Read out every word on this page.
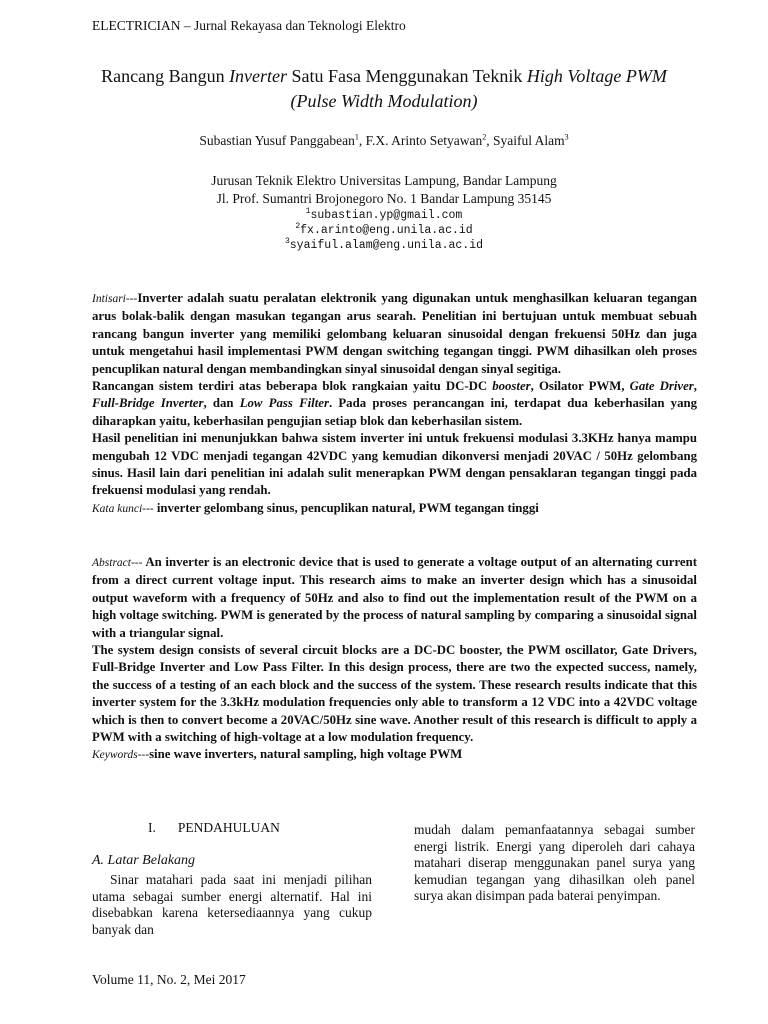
ELECTRICIAN – Jurnal Rekayasa dan Teknologi Elektro
Rancang Bangun Inverter Satu Fasa Menggunakan Teknik High Voltage PWM (Pulse Width Modulation)
Subastian Yusuf Panggabean$^1$, F.X. Arinto Setyawan$^2$, Syaiful Alam$^3$
Jurusan Teknik Elektro Universitas Lampung, Bandar Lampung
Jl. Prof. Sumantri Brojonegoro No. 1 Bandar Lampung 35145
$^1$subastian.yp@gmail.com
$^2$fx.arinto@eng.unila.ac.id
$^3$syaiful.alam@eng.unila.ac.id

Intisari---Inverter adalah suatu peralatan elektronik yang digunakan untuk menghasilkan keluaran tegangan arus bolak-balik dengan masukan tegangan arus searah. Penelitian ini bertujuan untuk membuat sebuah rancang bangun inverter yang memiliki gelombang keluaran sinusoidal dengan frekuensi 50Hz dan juga untuk mengetahui hasil implementasi PWM dengan switching tegangan tinggi. PWM dihasilkan oleh proses pencuplikan natural dengan membandingkan sinyal sinusoidal dengan sinyal segitiga.

Rancangan sistem terdiri atas beberapa blok rangkaian yaitu DC-DC booster, Osilator PWM, Gate Driver, Full-Bridge Inverter, dan Low Pass Filter. Pada proses perancangan ini, terdapat dua keberhasilan yang diharapkan yaitu, keberhasilan pengujian setiap blok dan keberhasilan sistem.

Hasil penelitian ini menunjukkan bahwa sistem inverter ini untuk frekuensi modulasi 3.3KHz hanya mampu mengubah 12 VDC menjadi tegangan 42VDC yang kemudian dikonversi menjadi 20VAC / 50Hz gelombang sinus. Hasil lain dari penelitian ini adalah sulit menerapkan PWM dengan pensaklaran tegangan tinggi pada frekuensi modulasi yang rendah.

Kata kunci--- inverter gelombang sinus, pencuplikan natural, PWM tegangan tinggi

Abstract--- An inverter is an electronic device that is used to generate a voltage output of an alternating current from a direct current voltage input. This research aims to make an inverter design which has a sinusoidal output waveform with a frequency of 50Hz and also to find out the implementation result of the PWM on a high voltage switching. PWM is generated by the process of natural sampling by comparing a sinusoidal signal with a triangular signal.

The system design consists of several circuit blocks are a DC-DC booster, the PWM oscillator, Gate Drivers, Full-Bridge Inverter and Low Pass Filter. In this design process, there are two the expected success, namely, the success of a testing of an each block and the success of the system. These research results indicate that this inverter system for the 3.3kHz modulation frequencies only able to transform a 12 VDC into a 42VDC voltage which is then to convert become a 20VAC/50Hz sine wave. Another result of this research is difficult to apply a PWM with a switching of high-voltage at a low modulation frequency.

Keywords---sine wave inverters, natural sampling, high voltage PWM

I. PENDAHULUAN
A. Latar Belakang
Sinar matahari pada saat ini menjadi pilihan utama sebagai sumber energi alternatif. Hal ini disebabkan karena ketersediaannya yang cukup banyak dan
mudah dalam pemanfaatannya sebagai sumber energi listrik. Energi yang diperoleh dari cahaya matahari diserap menggunakan panel surya yang kemudian tegangan yang dihasilkan oleh panel surya akan disimpan pada baterai penyimpan.
Volume 11, No. 2, Mei 2017
